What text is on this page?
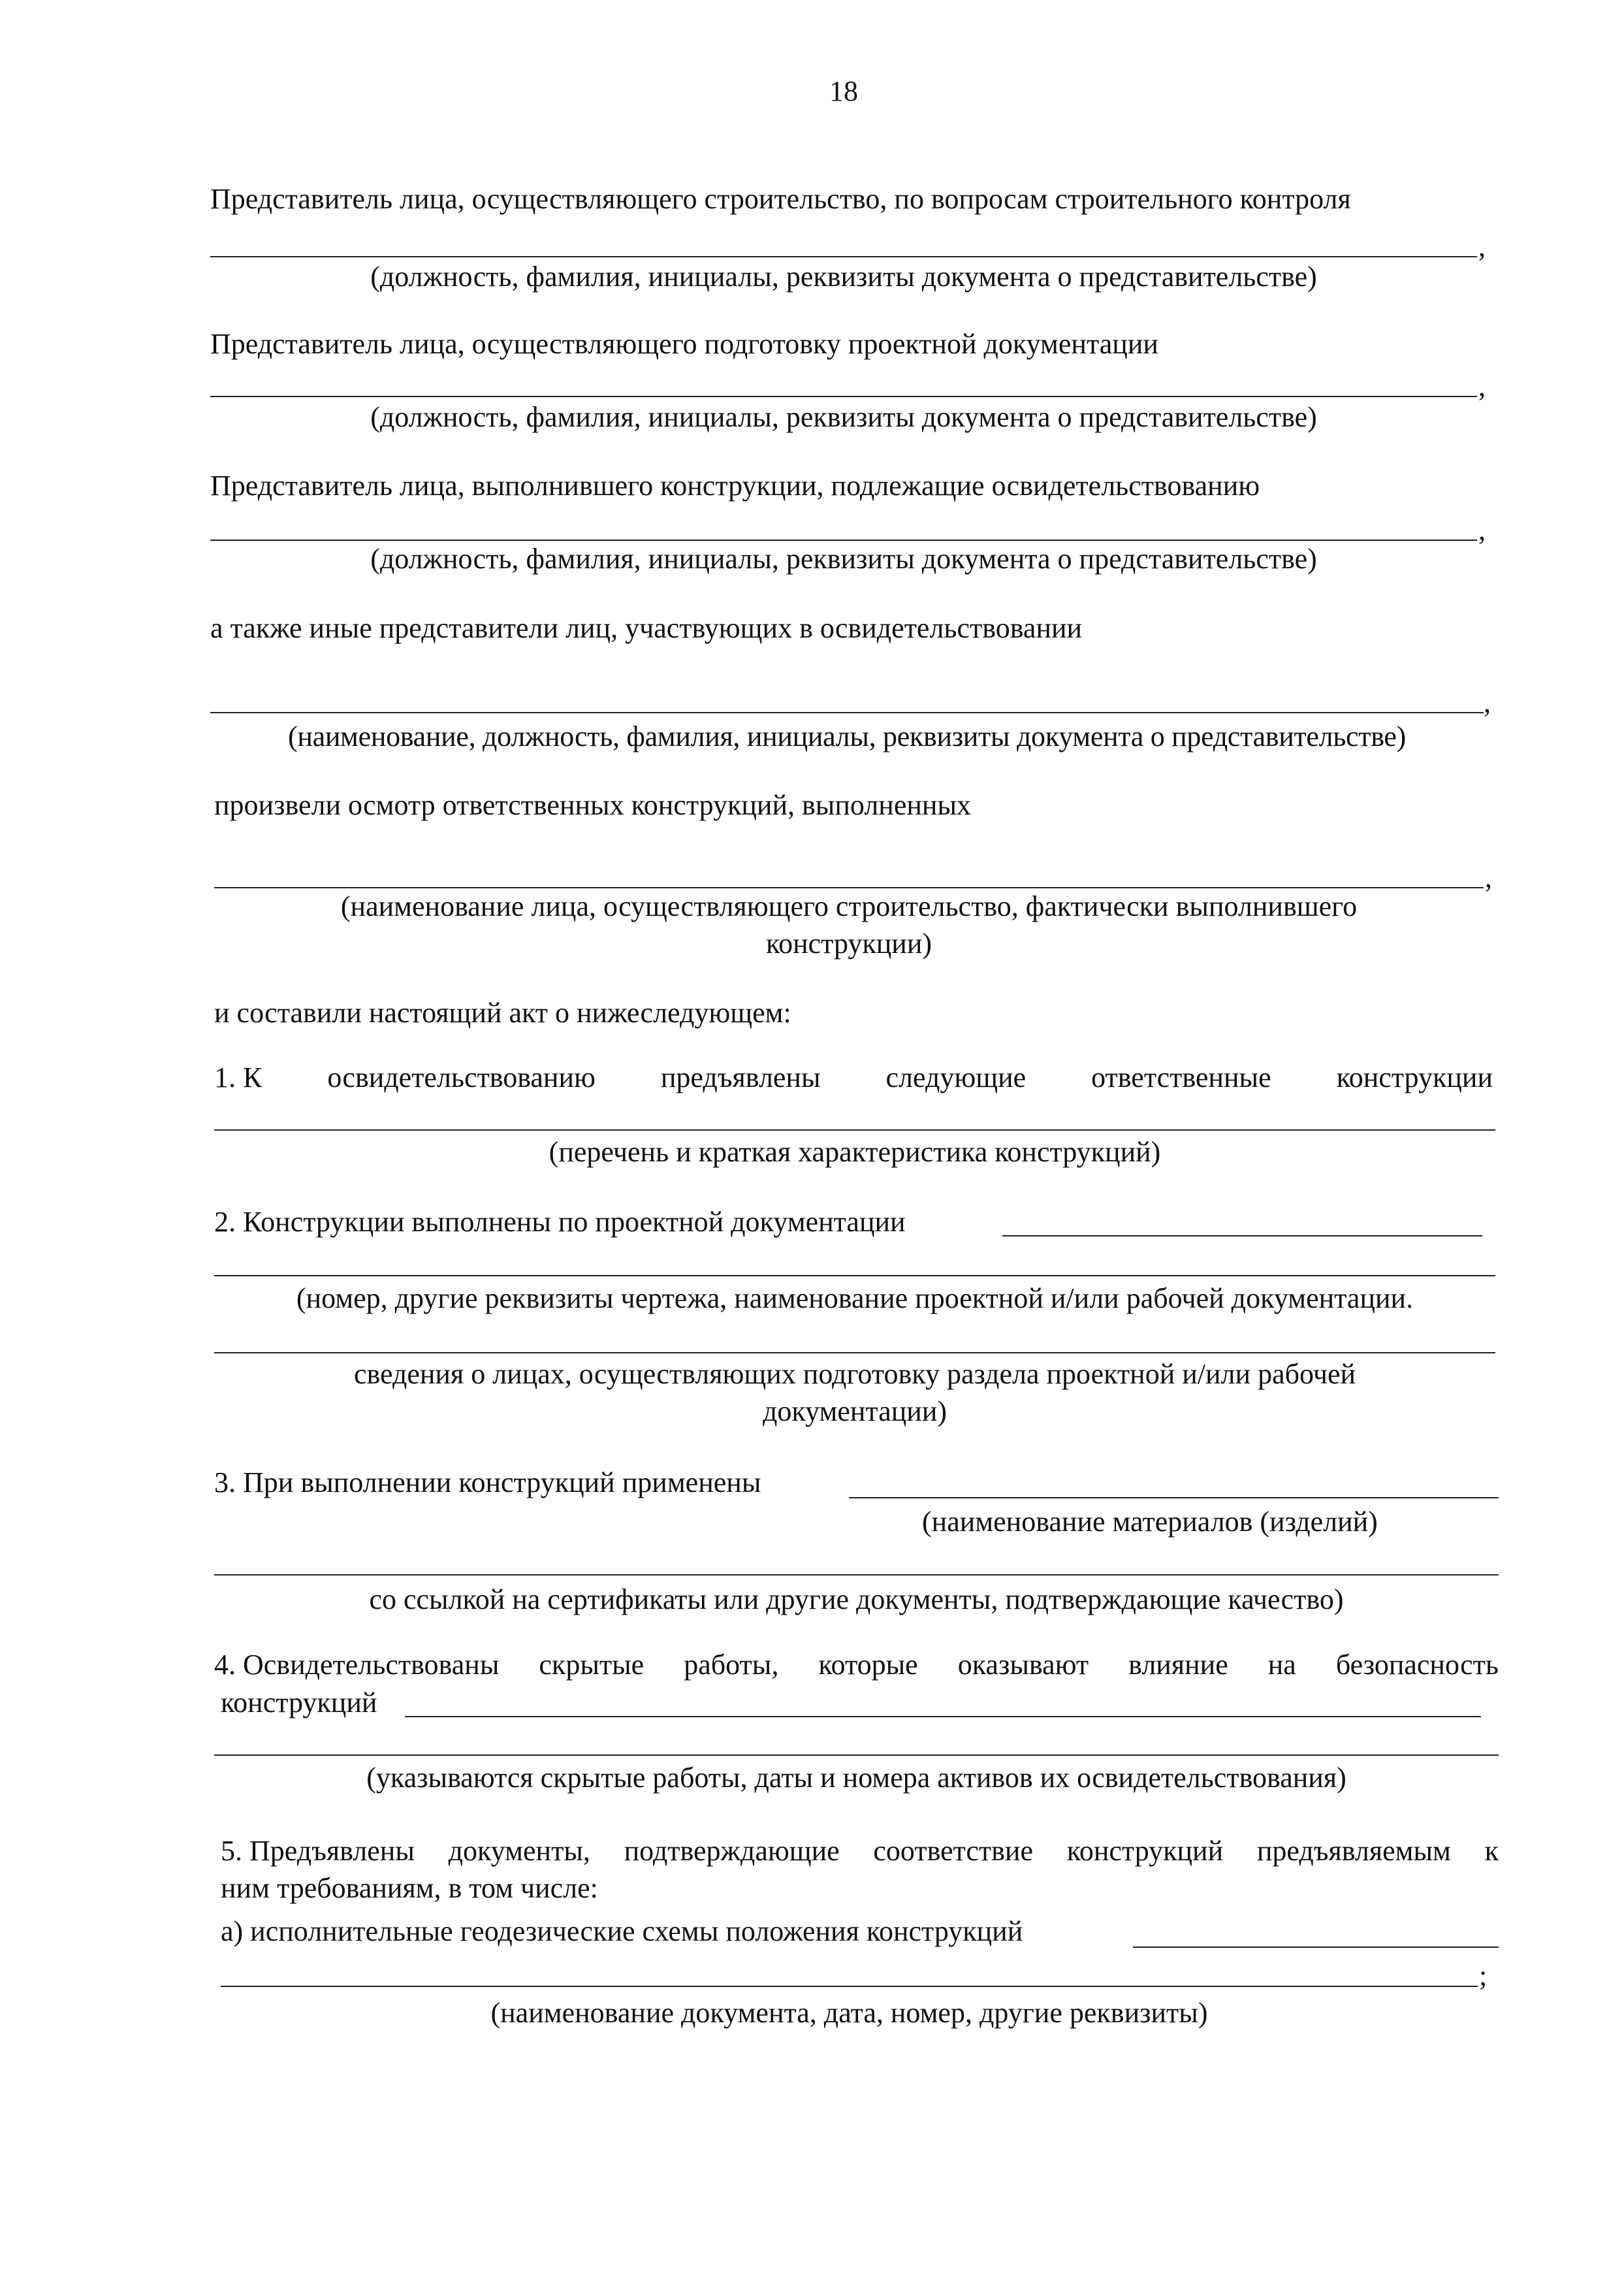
18
Представитель лица, осуществляющего строительство, по вопросам строительного контроля
,
(должность, фамилия, инициалы, реквизиты документа о представительстве)
Представитель лица, осуществляющего подготовку проектной документации
,
(должность, фамилия, инициалы, реквизиты документа о представительстве)
Представитель лица, выполнившего конструкции, подлежащие освидетельствованию
,
(должность, фамилия, инициалы, реквизиты документа о представительстве)
а также иные представители лиц, участвующих в освидетельствовании
,
(наименование, должность, фамилия, инициалы, реквизиты документа о представительстве)
произвели осмотр ответственных конструкций, выполненных
,
(наименование лица, осуществляющего строительство, фактически выполнившего
конструкции)
и составили настоящий акт о нижеследующем:
1. К освидетельствованию предъявлены следующие ответственные конструкции
(перечень и краткая характеристика конструкций)
2. Конструкции выполнены по проектной документации
(номер, другие реквизиты чертежа, наименование проектной и/или рабочей документации.
сведения о лицах, осуществляющих подготовку раздела проектной и/или рабочей
документации)
3. При выполнении конструкций применены
(наименование материалов (изделий)
со ссылкой на сертификаты или другие документы, подтверждающие качество)
4. Освидетельствованы скрытые работы, которые оказывают влияние на безопасность
конструкций
(указываются скрытые работы, даты и номера активов их освидетельствования)
5. Предъявлены документы, подтверждающие соответствие конструкций предъявляемым к
ним требованиям, в том числе:
а) исполнительные геодезические схемы положения конструкций
;
(наименование документа, дата, номер, другие реквизиты)
